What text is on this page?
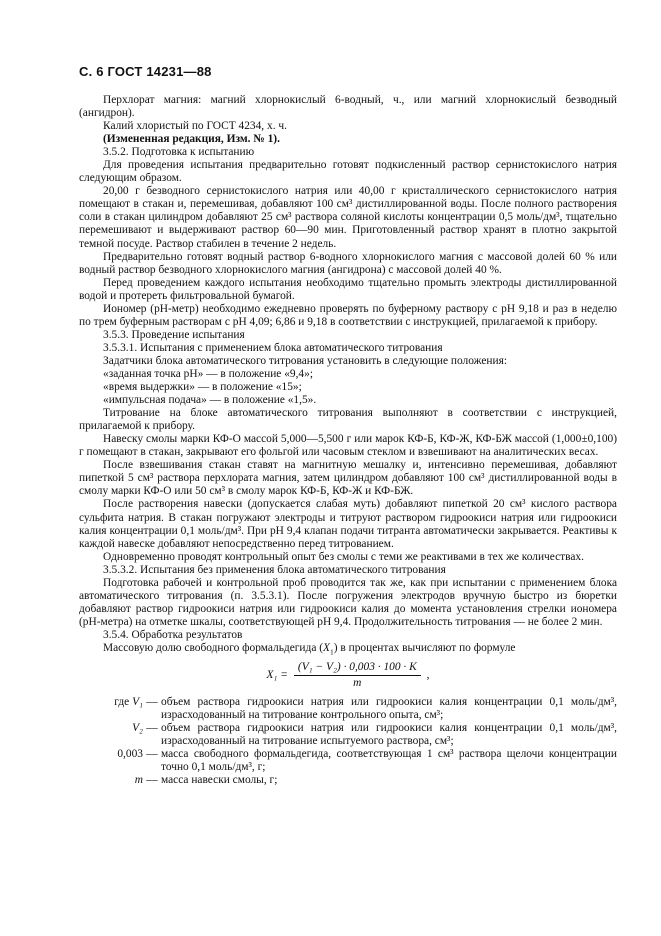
С. 6 ГОСТ 14231—88

Перхлорат магния: магний хлорнокислый 6-водный, ч., или магний хлорнокислый безводный (ангидрон).

Калий хлористый по ГОСТ 4234, х. ч.

(Измененная редакция, Изм. № 1).

3.5.2. Подготовка к испытанию

Для проведения испытания предварительно готовят подкисленный раствор сернистокислого натрия следующим образом.

20,00 г безводного сернистокислого натрия или 40,00 г кристаллического сернистокислого натрия помещают в стакан и, перемешивая, добавляют 100 см³ дистиллированной воды. После полного растворения соли в стакан цилиндром добавляют 25 см³ раствора соляной кислоты концентрации 0,5 моль/дм³, тщательно перемешивают и выдерживают раствор 60—90 мин. Приготовленный раствор хранят в плотно закрытой темной посуде. Раствор стабилен в течение 2 недель.

Предварительно готовят водный раствор 6-водного хлорнокислого магния с массовой долей 60 % или водный раствор безводного хлорнокислого магния (ангидрона) с массовой долей 40 %.

Перед проведением каждого испытания необходимо тщательно промыть электроды дистиллированной водой и протереть фильтровальной бумагой.

Иономер (pH-метр) необходимо ежедневно проверять по буферному раствору с pH 9,18 и раз в неделю по трем буферным растворам с pH 4,09; 6,86 и 9,18 в соответствии с инструкцией, прилагаемой к прибору.

3.5.3. Проведение испытания

3.5.3.1. Испытания с применением блока автоматического титрования

Задатчики блока автоматического титрования установить в следующие положения:

«заданная точка pH» — в положение «9,4»;

«время выдержки» — в положение «15»;

«импульсная подача» — в положение «1,5».

Титрование на блоке автоматического титрования выполняют в соответствии с инструкцией, прилагаемой к прибору.

Навеску смолы марки КФ-О массой 5,000—5,500 г или марок КФ-Б, КФ-Ж, КФ-БЖ массой (1,000±0,100) г помещают в стакан, закрывают его фольгой или часовым стеклом и взвешивают на аналитических весах.

После взвешивания стакан ставят на магнитную мешалку и, интенсивно перемешивая, добавляют пипеткой 5 см³ раствора перхлората магния, затем цилиндром добавляют 100 см³ дистиллированной воды в смолу марки КФ-О или 50 см³ в смолу марок КФ-Б, КФ-Ж и КФ-БЖ.

После растворения навески (допускается слабая муть) добавляют пипеткой 20 см³ кислого раствора сульфита натрия. В стакан погружают электроды и титруют раствором гидроокиси натрия или гидроокиси калия концентрации 0,1 моль/дм³. При pH 9,4 клапан подачи титранта автоматически закрывается. Реактивы к каждой навеске добавляют непосредственно перед титрованием.

Одновременно проводят контрольный опыт без смолы с теми же реактивами в тех же количествах.

3.5.3.2. Испытания без применения блока автоматического титрования

Подготовка рабочей и контрольной проб проводится так же, как при испытании с применением блока автоматического титрования (п. 3.5.3.1). После погружения электродов вручную быстро из бюретки добавляют раствор гидроокиси натрия или гидроокиси калия до момента установления стрелки иономера (pH-метра) на отметке шкалы, соответствующей pH 9,4. Продолжительность титрования — не более 2 мин.

3.5.4. Обработка результатов

Массовую долю свободного формальдегида $(X_1)$ в процентах вычисляют по формуле

$X_1 = \frac{\text{(V₁ − V₂) · 0,003 · 100 · K}}{m}$ ,
где V₁ — объем раствора гидроокиси натрия или гидроокиси калия концентрации 0,1 моль/дм³, израсходованный на титрование контрольного опыта, см³;
V₂ — объем раствора гидроокиси натрия или гидроокиси калия концентрации 0,1 моль/дм³, израсходованный на титрование испытуемого раствора, см³;
0,003 — масса свободного формальдегида, соответствующая 1 см³ раствора щелочи концентрации точно 0,1 моль/дм³, г;
m — масса навески смолы, г;
